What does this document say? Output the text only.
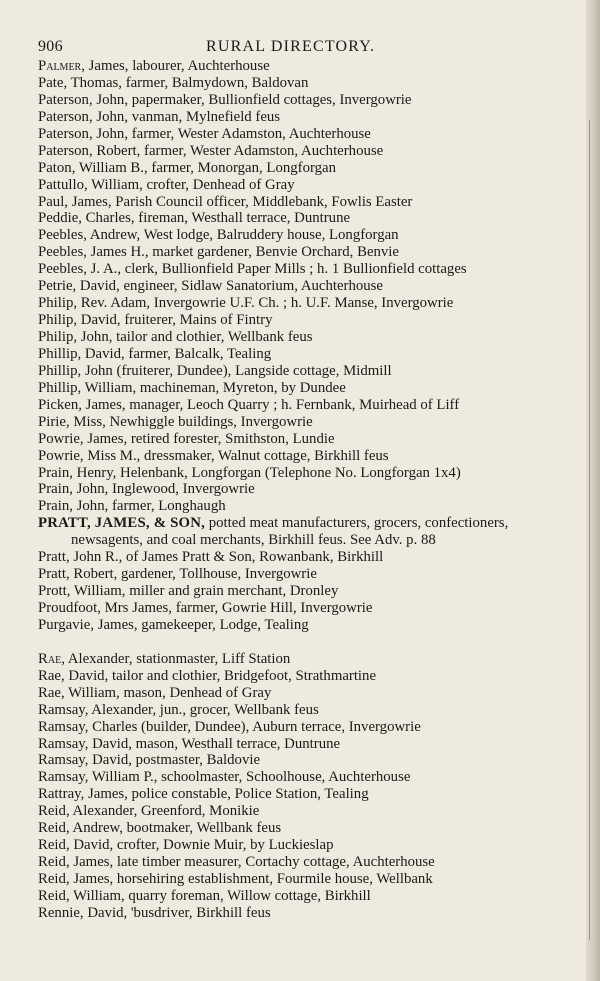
906	RURAL DIRECTORY.
Palmer, James, labourer, Auchterhouse
Pate, Thomas, farmer, Balmydown, Baldovan
Paterson, John, papermaker, Bullionfield cottages, Invergowrie
Paterson, John, vanman, Mylnefield feus
Paterson, John, farmer, Wester Adamston, Auchterhouse
Paterson, Robert, farmer, Wester Adamston, Auchterhouse
Paton, William B., farmer, Monorgan, Longforgan
Pattullo, William, crofter, Denhead of Gray
Paul, James, Parish Council officer, Middlebank, Fowlis Easter
Peddie, Charles, fireman, Westhall terrace, Duntrune
Peebles, Andrew, West lodge, Balruddery house, Longforgan
Peebles, James H., market gardener, Benvie Orchard, Benvie
Peebles, J. A., clerk, Bullionfield Paper Mills ; h. 1 Bullionfield cottages
Petrie, David, engineer, Sidlaw Sanatorium, Auchterhouse
Philip, Rev. Adam, Invergowrie U.F. Ch. ; h. U.F. Manse, Invergowrie
Philip, David, fruiterer, Mains of Fintry
Philip, John, tailor and clothier, Wellbank feus
Phillip, David, farmer, Balcalk, Tealing
Phillip, John (fruiterer, Dundee), Langside cottage, Midmill
Phillip, William, machineman, Myreton, by Dundee
Picken, James, manager, Leoch Quarry ; h. Fernbank, Muirhead of Liff
Pirie, Miss, Newhiggle buildings, Invergowrie
Powrie, James, retired forester, Smithston, Lundie
Powrie, Miss M., dressmaker, Walnut cottage, Birkhill feus
Prain, Henry, Helenbank, Longforgan (Telephone No. Longforgan 1x4)
Prain, John, Inglewood, Invergowrie
Prain, John, farmer, Longhaugh
PRATT, JAMES, & SON, potted meat manufacturers, grocers, confectioners,
newsagents, and coal merchants, Birkhill feus. See Adv. p. 88
Pratt, John R., of James Pratt & Son, Rowanbank, Birkhill
Pratt, Robert, gardener, Tollhouse, Invergowrie
Prott, William, miller and grain merchant, Dronley
Proudfoot, Mrs James, farmer, Gowrie Hill, Invergowrie
Purgavie, James, gamekeeper, Lodge, Tealing
Rae, Alexander, stationmaster, Liff Station
Rae, David, tailor and clothier, Bridgefoot, Strathmartine
Rae, William, mason, Denhead of Gray
Ramsay, Alexander, jun., grocer, Wellbank feus
Ramsay, Charles (builder, Dundee), Auburn terrace, Invergowrie
Ramsay, David, mason, Westhall terrace, Duntrune
Ramsay, David, postmaster, Baldovie
Ramsay, William P., schoolmaster, Schoolhouse, Auchterhouse
Rattray, James, police constable, Police Station, Tealing
Reid, Alexander, Greenford, Monikie
Reid, Andrew, bootmaker, Wellbank feus
Reid, David, crofter, Downie Muir, by Luckieslap
Reid, James, late timber measurer, Cortachy cottage, Auchterhouse
Reid, James, horsehiring establishment, Fourmile house, Wellbank
Reid, William, quarry foreman, Willow cottage, Birkhill
Rennie, David, 'busdriver, Birkhill feus
